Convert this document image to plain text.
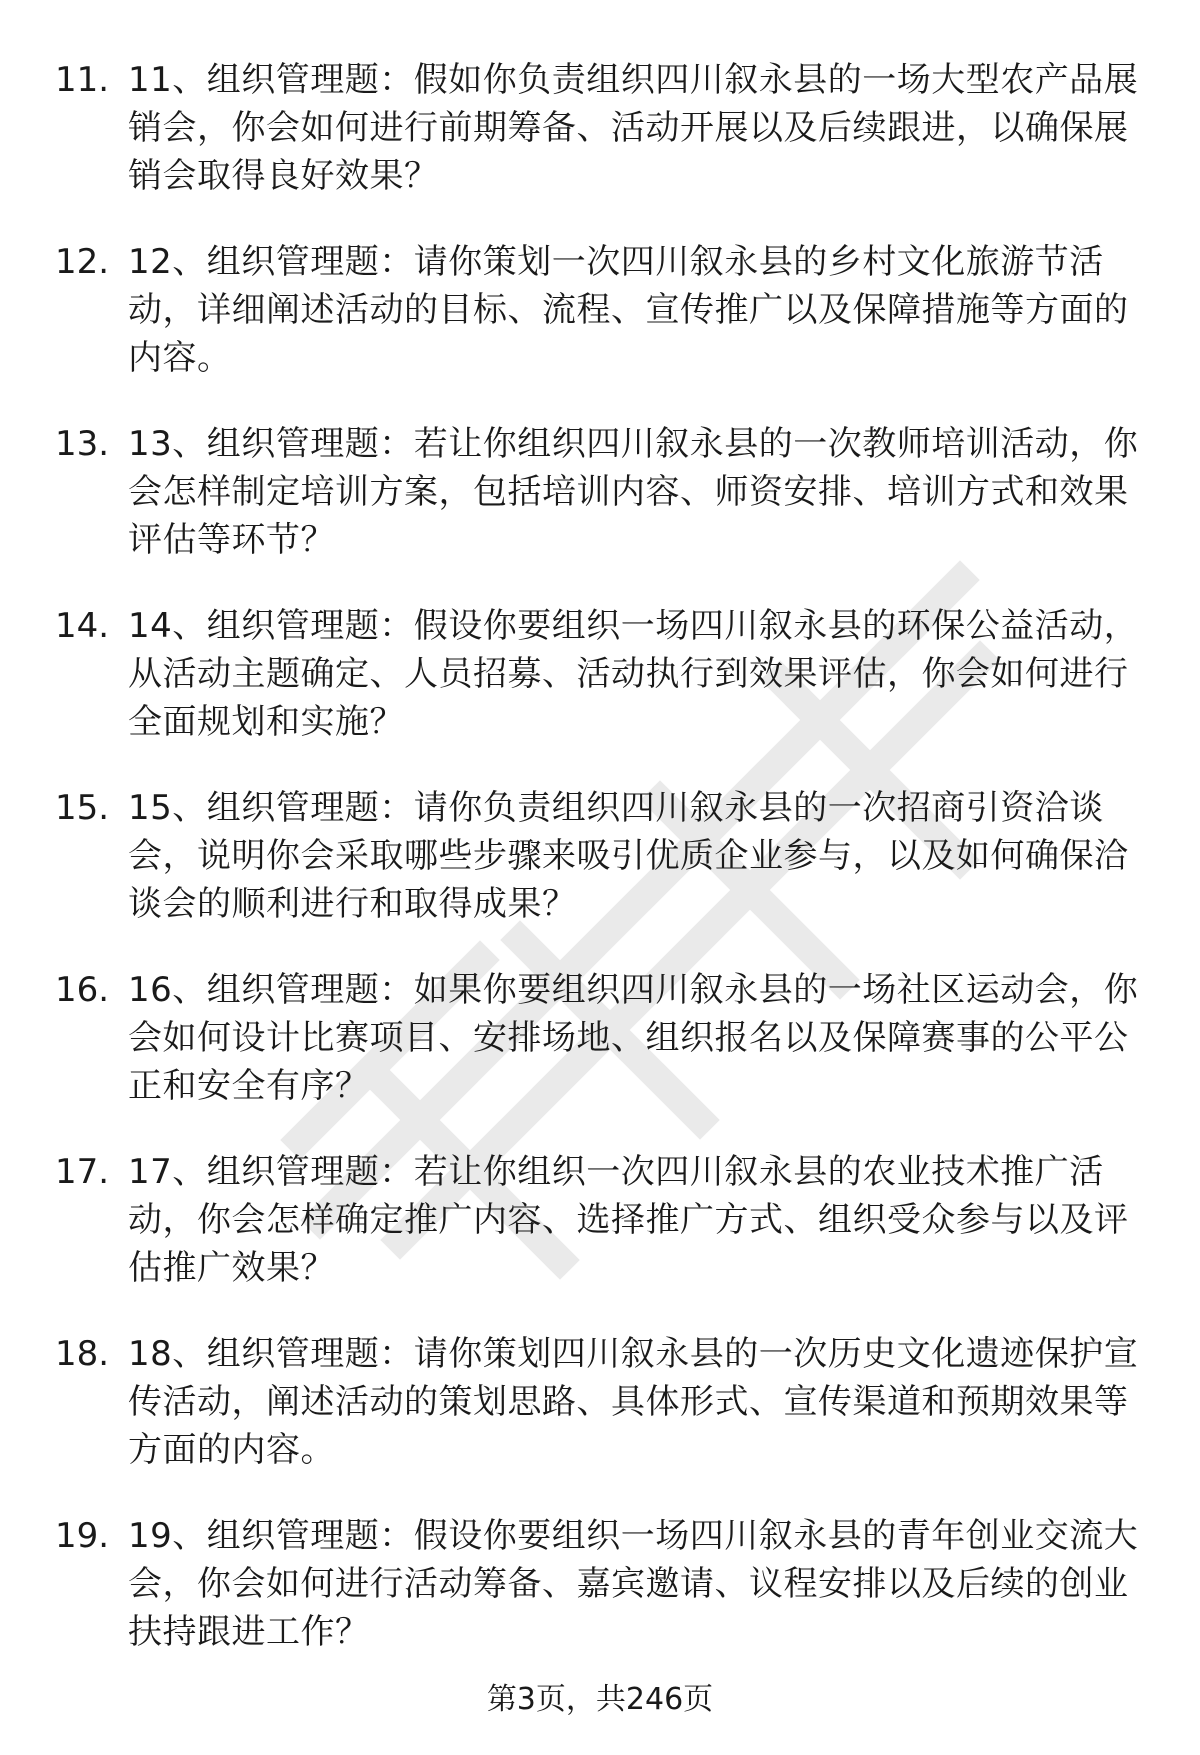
11. 11、组织管理题：假如你负责组织四川叙永县的一场大型农产品展销会，你会如何进行前期筹备、活动开展以及后续跟进，以确保展销会取得良好效果？
12. 12、组织管理题：请你策划一次四川叙永县的乡村文化旅游节活动，详细阐述活动的目标、流程、宣传推广以及保障措施等方面的内容。
13. 13、组织管理题：若让你组织四川叙永县的一次教师培训活动，你会怎样制定培训方案，包括培训内容、师资安排、培训方式和效果评估等环节？
14. 14、组织管理题：假设你要组织一场四川叙永县的环保公益活动，从活动主题确定、人员招募、活动执行到效果评估，你会如何进行全面规划和实施？
15. 15、组织管理题：请你负责组织四川叙永县的一次招商引资洽谈会，说明你会采取哪些步骤来吸引优质企业参与，以及如何确保洽谈会的顺利进行和取得成果？
16. 16、组织管理题：如果你要组织四川叙永县的一场社区运动会，你会如何设计比赛项目、安排场地、组织报名以及保障赛事的公平公正和安全有序？
17. 17、组织管理题：若让你组织一次四川叙永县的农业技术推广活动，你会怎样确定推广内容、选择推广方式、组织受众参与以及评估推广效果？
18. 18、组织管理题：请你策划四川叙永县的一次历史文化遗迹保护宣传活动，阐述活动的策划思路、具体形式、宣传渠道和预期效果等方面的内容。
19. 19、组织管理题：假设你要组织一场四川叙永县的青年创业交流大会，你会如何进行活动筹备、嘉宾邀请、议程安排以及后续的创业扶持跟进工作？
第3页，共246页
